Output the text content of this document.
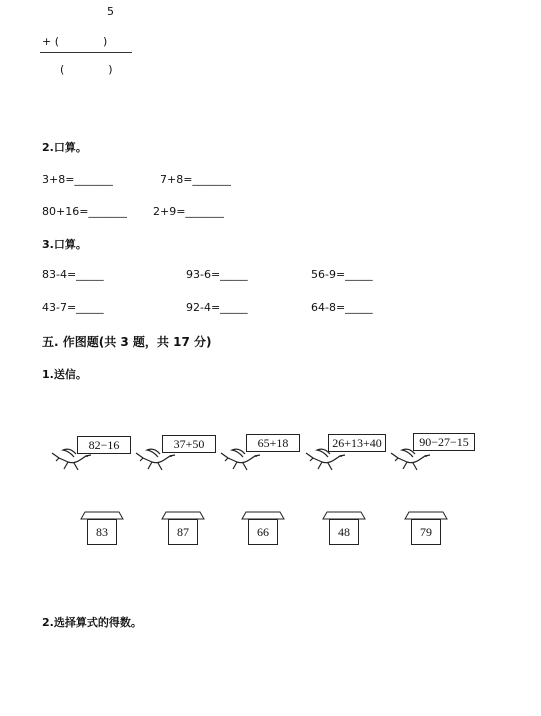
5
+ (　　　　)
(　　　　)
2.口算。
3+8=_______	7+8=_______
80+16=_______ 2+9=_______
3.口算。
83-4=_____	93-6=_____	56-9=_____
43-7=_____	92-4=_____	64-8=_____
五. 作图题(共 3 题，共 17 分)
1.送信。
82−16	37+50	65+18	26+13+40	90−27−15
83	87	66	48	79
2.选择算式的得数。
